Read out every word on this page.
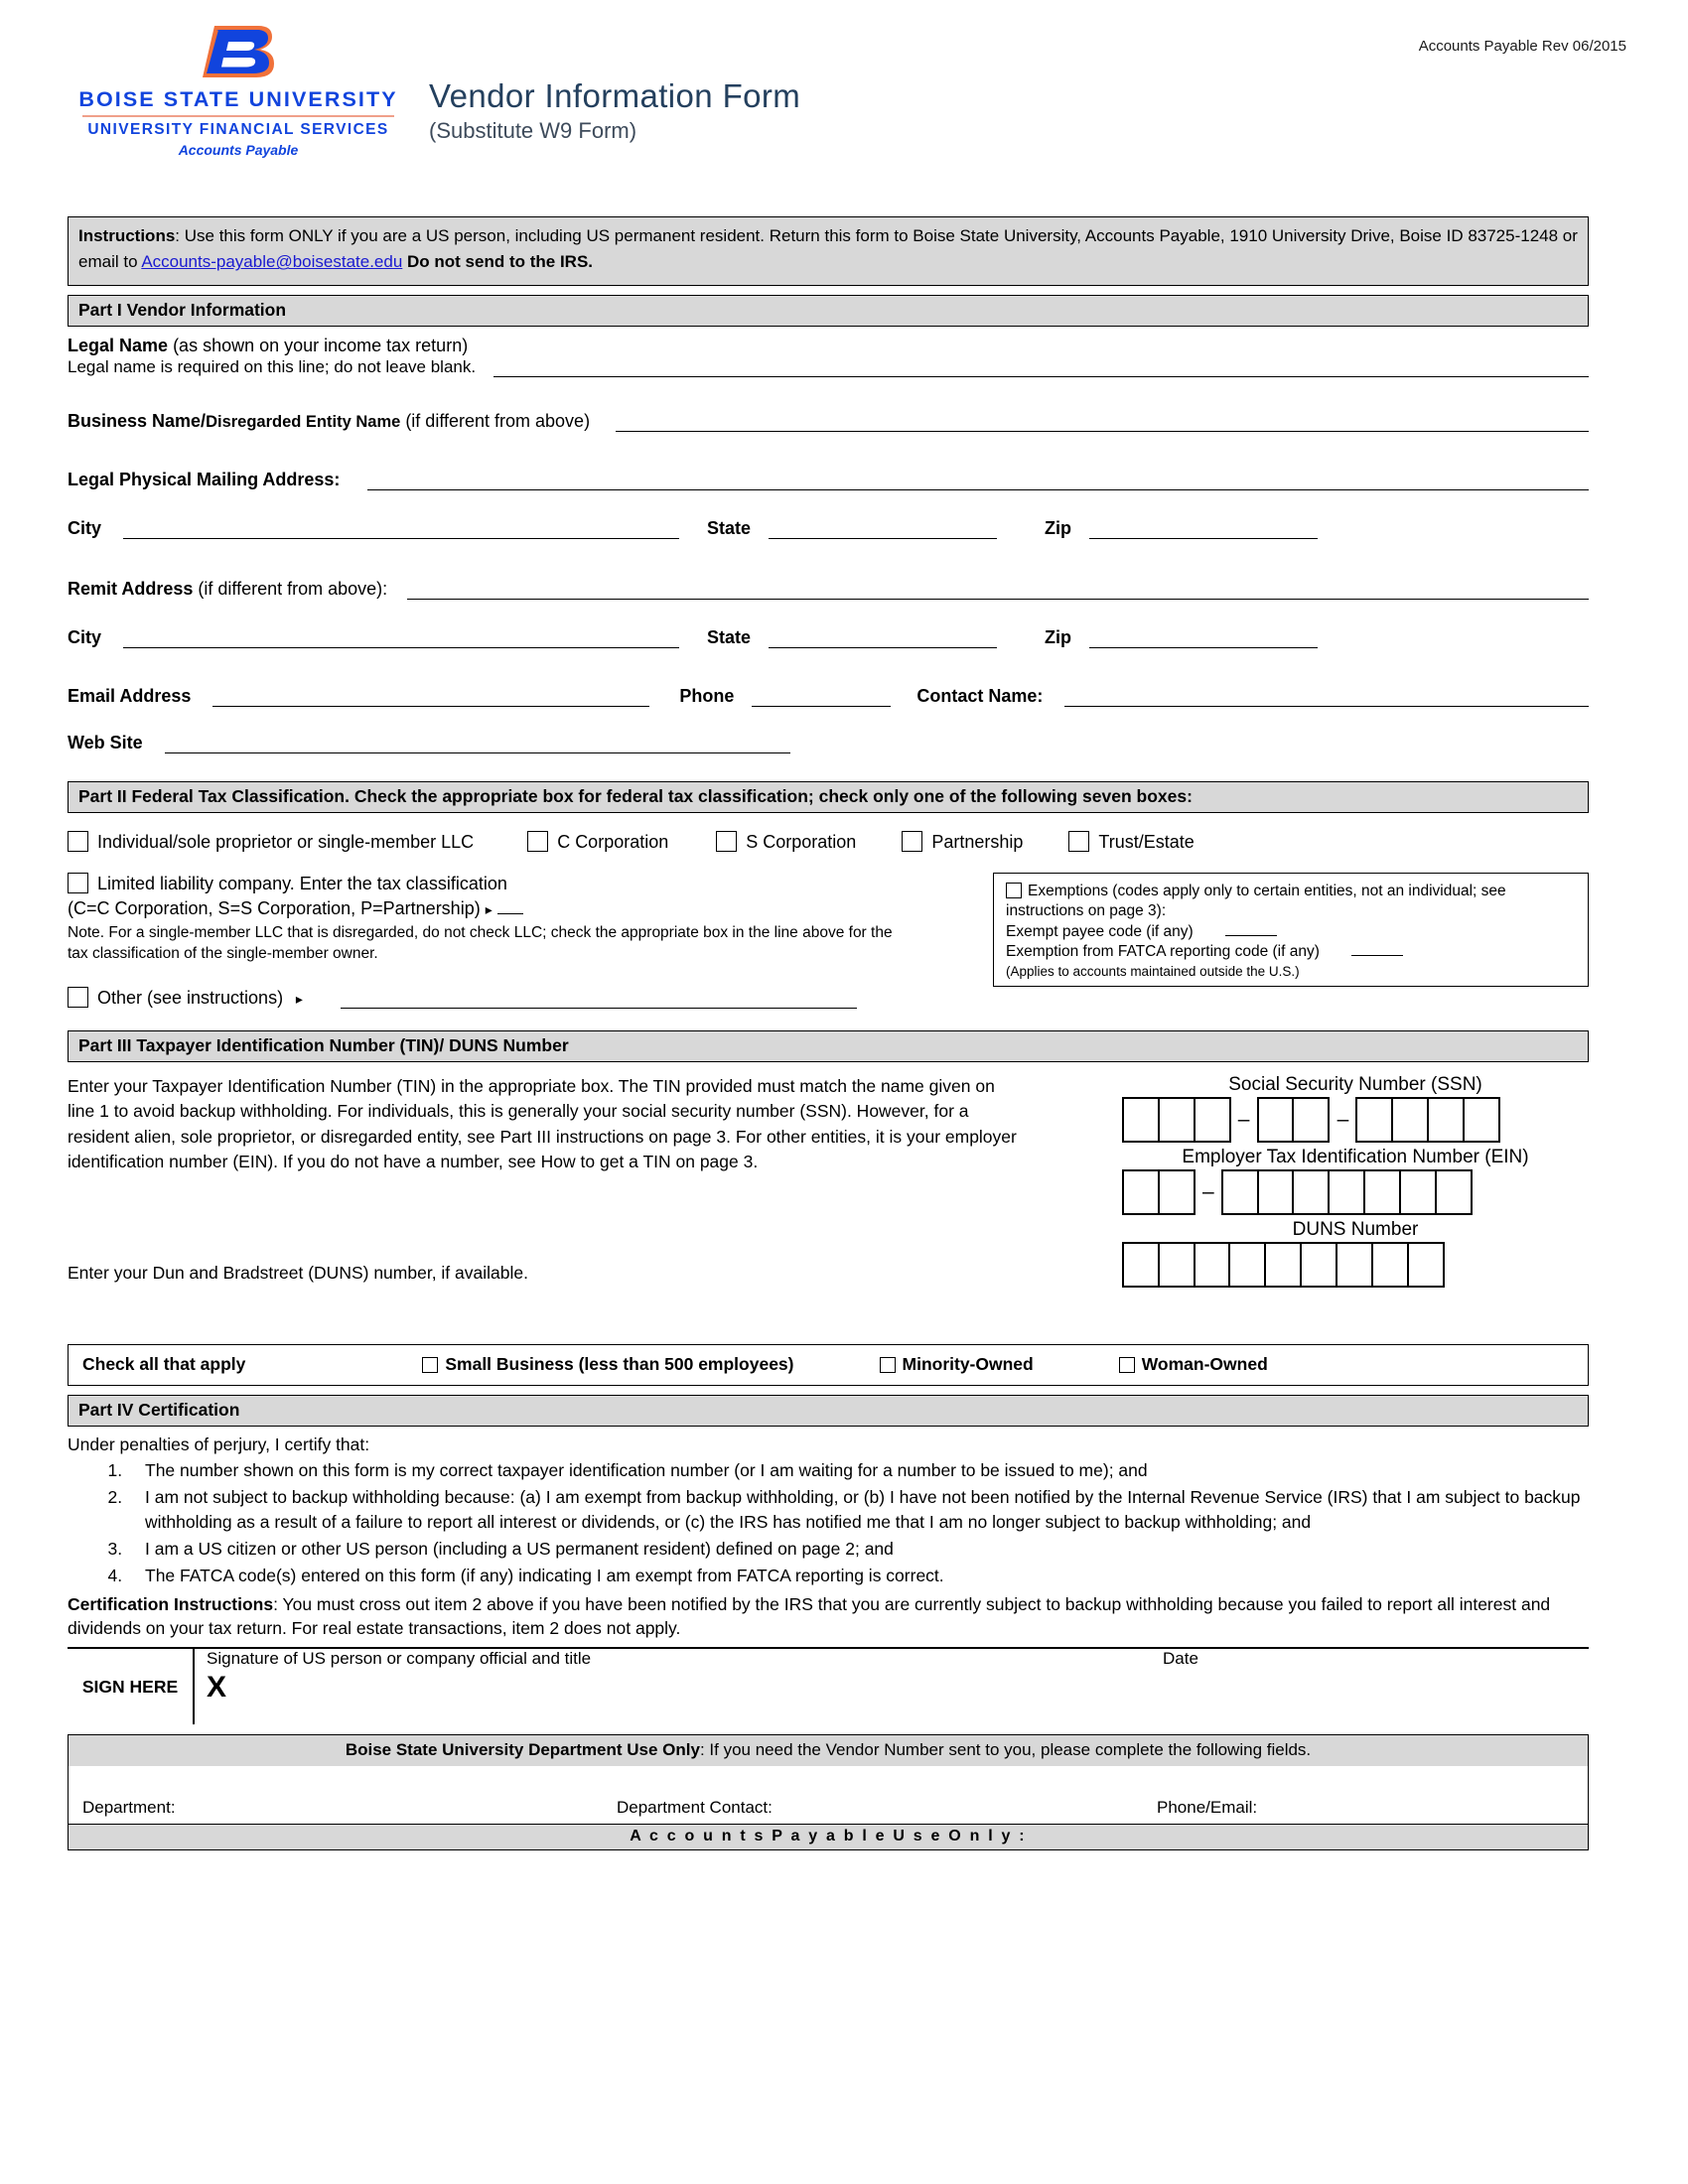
Accounts Payable Rev 06/2015
BOISE STATE UNIVERSITY
UNIVERSITY FINANCIAL SERVICES
Accounts Payable
Vendor Information Form
(Substitute W9 Form)
Instructions: Use this form ONLY if you are a US person, including US permanent resident. Return this form to Boise State University, Accounts Payable, 1910 University Drive, Boise ID 83725-1248 or email to Accounts-payable@boisestate.edu Do not send to the IRS.
Part I Vendor Information
Legal Name (as shown on your income tax return)
Legal name is required on this line; do not leave blank.
Business Name/Disregarded Entity Name (if different from above)
Legal Physical Mailing Address:
City	State	Zip
Remit Address (if different from above):
City	State	Zip
Email Address	Phone	Contact Name:
Web Site
Part II Federal Tax Classification. Check the appropriate box for federal tax classification; check only one of the following seven boxes:
Individual/sole proprietor or single-member LLC	C Corporation	S Corporation	Partnership	Trust/Estate
Limited liability company. Enter the tax classification
(C=C Corporation, S=S Corporation, P=Partnership) ▸
Note. For a single-member LLC that is disregarded, do not check LLC; check the appropriate box in the line above for the tax classification of the single-member owner.
Exemptions (codes apply only to certain entities, not an individual; see
instructions on page 3):
Exempt payee code (if any)
Exemption from FATCA reporting code (if any)
(Applies to accounts maintained outside the U.S.)
Other (see instructions) ▸
Part III Taxpayer Identification Number (TIN)/ DUNS Number
Enter your Taxpayer Identification Number (TIN) in the appropriate box. The TIN provided must match the name given on line 1 to avoid backup withholding. For individuals, this is generally your social security number (SSN). However, for a resident alien, sole proprietor, or disregarded entity, see Part III instructions on page 3. For other entities, it is your employer identification number (EIN). If you do not have a number, see How to get a TIN on page 3.
Enter your Dun and Bradstreet (DUNS) number, if available.
Social Security Number (SSN)
–	–
Employer Tax Identification Number (EIN)
–
DUNS Number
Check all that apply	Small Business (less than 500 employees)	Minority-Owned	Woman-Owned
Part IV Certification
Under penalties of perjury, I certify that:
1. The number shown on this form is my correct taxpayer identification number (or I am waiting for a number to be issued to me); and
2. I am not subject to backup withholding because: (a) I am exempt from backup withholding, or (b) I have not been notified by the Internal Revenue Service (IRS) that I am subject to backup withholding as a result of a failure to report all interest or dividends, or (c) the IRS has notified me that I am no longer subject to backup withholding; and
3. I am a US citizen or other US person (including a US permanent resident) defined on page 2; and
4. The FATCA code(s) entered on this form (if any) indicating I am exempt from FATCA reporting is correct.
Certification Instructions: You must cross out item 2 above if you have been notified by the IRS that you are currently subject to backup withholding because you failed to report all interest and dividends on your tax return. For real estate transactions, item 2 does not apply.
SIGN HERE
Signature of US person or company official and title	Date
X
Boise State University Department Use Only: If you need the Vendor Number sent to you, please complete the following fields.
Department:	Department Contact:	Phone/Email:
A c c o u n t s P a y a b l e U s e O n l y :
